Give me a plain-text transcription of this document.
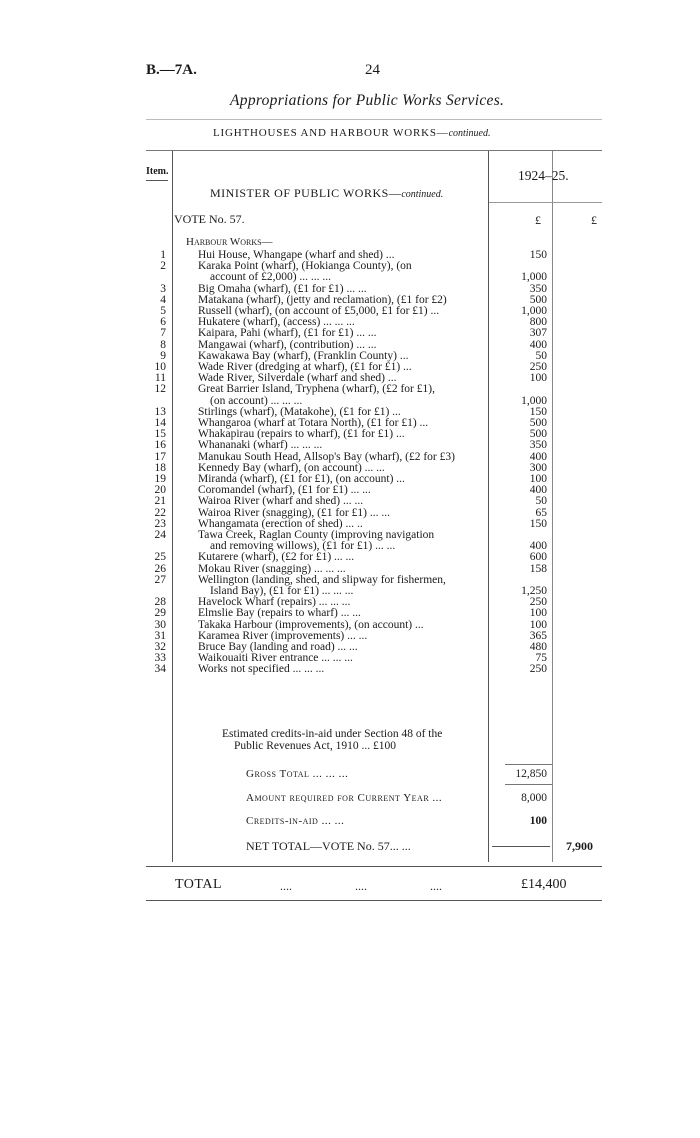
B.—7A.	24
Appropriations for Public Works Services.
LIGHTHOUSES AND HARBOUR WORKS—continued.
Item.	1924–25.
MINISTER OF PUBLIC WORKS—continued.
VOTE No. 57.	£	£
Harbour Works—
1	Hui House, Whangape (wharf and shed) ...	150
2	Karaka Point (wharf), (Hokianga County), (on
account of £2,000) ... ... ...	1,000
3	Big Omaha (wharf), (£1 for £1) ... ...	350
4	Matakana (wharf), (jetty and reclamation), (£1 for £2)	500
5	Russell (wharf), (on account of £5,000, £1 for £1) ...	1,000
6	Hukatere (wharf), (access) ... ... ...	800
7	Kaipara, Pahi (wharf), (£1 for £1) ... ...	307
8	Mangawai (wharf), (contribution) ... ...	400
9	Kawakawa Bay (wharf), (Franklin County) ...	50
10	Wade River (dredging at wharf), (£1 for £1) ...	250
11	Wade River, Silverdale (wharf and shed) ...	100
12	Great Barrier Island, Tryphena (wharf), (£2 for £1),
(on account) ... ... ...	1,000
13	Stirlings (wharf), (Matakohe), (£1 for £1) ...	150
14	Whangaroa (wharf at Totara North), (£1 for £1) ...	500
15	Whakapirau (repairs to wharf), (£1 for £1) ...	500
16	Whananaki (wharf) ... ... ...	350
17	Manukau South Head, Allsop's Bay (wharf), (£2 for £3)	400
18	Kennedy Bay (wharf), (on account) ... ...	300
19	Miranda (wharf), (£1 for £1), (on account) ...	100
20	Coromandel (wharf), (£1 for £1) ... ...	400
21	Wairoa River (wharf and shed) ... ...	50
22	Wairoa River (snagging), (£1 for £1) ... ...	65
23	Whangamata (erection of shed) ... ..	150
24	Tawa Creek, Raglan County (improving navigation
and removing willows), (£1 for £1) ... ...	400
25	Kutarere (wharf), (£2 for £1) ... ...	600
26	Mokau River (snagging) ... ... ...	158
27	Wellington (landing, shed, and slipway for fishermen,
Island Bay), (£1 for £1) ... ... ...	1,250
28	Havelock Wharf (repairs) ... ... ...	250
29	Elmslie Bay (repairs to wharf) ... ...	100
30	Takaka Harbour (improvements), (on account) ...	100
31	Karamea River (improvements) ... ...	365
32	Bruce Bay (landing and road) ... ...	480
33	Waikouaiti River entrance ... ... ...	75
34	Works not specified ... ... ...	250
Estimated credits-in-aid under Section 48 of the
Public Revenues Act, 1910 ... £100
Gross Total ... ... ...	12,850
Amount required for Current Year ...	8,000
Credits-in-aid ... ...	100
NET TOTAL—VOTE No. 57... ...	7,900
TOTAL	.... .... ....	£14,400
